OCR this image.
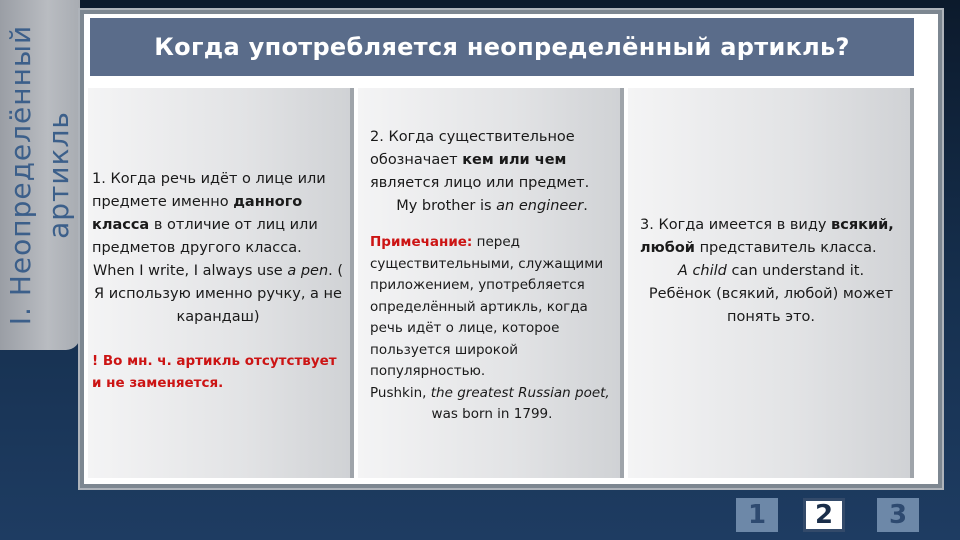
I. Неопределённый артикль
Когда употребляется неопределённый артикль?
1. Когда речь идёт о лице или предмете именно данного класса в отличие от лиц или предметов другого класса.
When I write, I always use a pen. ( Я использую именно ручку, а не карандаш)
! Во мн. ч. артикль отсутствует и не заменяется.
2. Когда существительное обозначает кем или чем является лицо или предмет.
My brother is an engineer.
Примечание: перед существительными, служащими приложением, употребляется определённый артикль, когда речь идёт о лице, которое пользуется широкой популярностью.
Pushkin, the greatest Russian poet,
was born in 1799.
3. Когда имеется в виду всякий, любой представитель класса.
A child can understand it.
Ребёнок (всякий, любой) может понять это.
1	2	3
